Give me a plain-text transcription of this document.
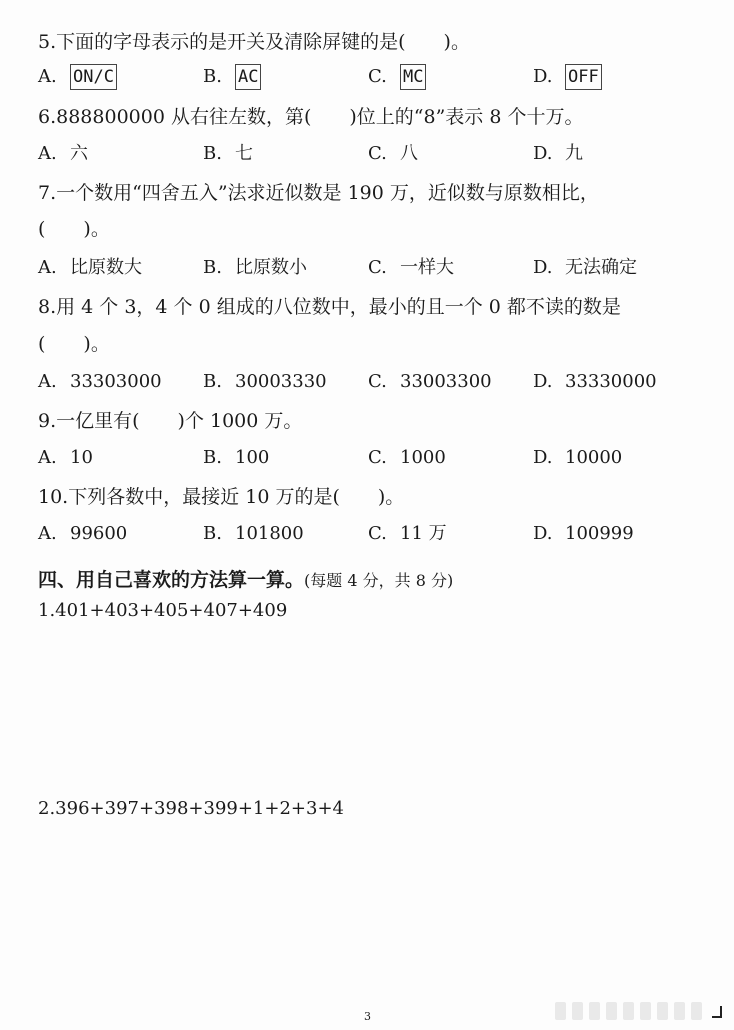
5.下面的字母表示的是开关及清除屏键的是(　　)。
A. ON/C	B. AC	C. MC	D. OFF
6.888800000 从右往左数，第(　　)位上的“8”表示 8 个十万。
A. 六	B. 七	C. 八	D. 九
7.一个数用“四舍五入”法求近似数是 190 万，近似数与原数相比，
(　　)。
A. 比原数大	B. 比原数小	C. 一样大	D. 无法确定
8.用 4 个 3，4 个 0 组成的八位数中，最小的且一个 0 都不读的数是
(　　)。
A. 33303000 B. 30003330 C. 33003300 D. 33330000
9.一亿里有(　　)个 1000 万。
A. 10	B. 100	C. 1000	D. 10000
10.下列各数中，最接近 10 万的是(　　)。
A. 99600	B. 101800	C. 11 万	D. 100999
四、用自己喜欢的方法算一算。(每题 4 分，共 8 分)
1.401+403+405+407+409
2.396+397+398+399+1+2+3+4
3
